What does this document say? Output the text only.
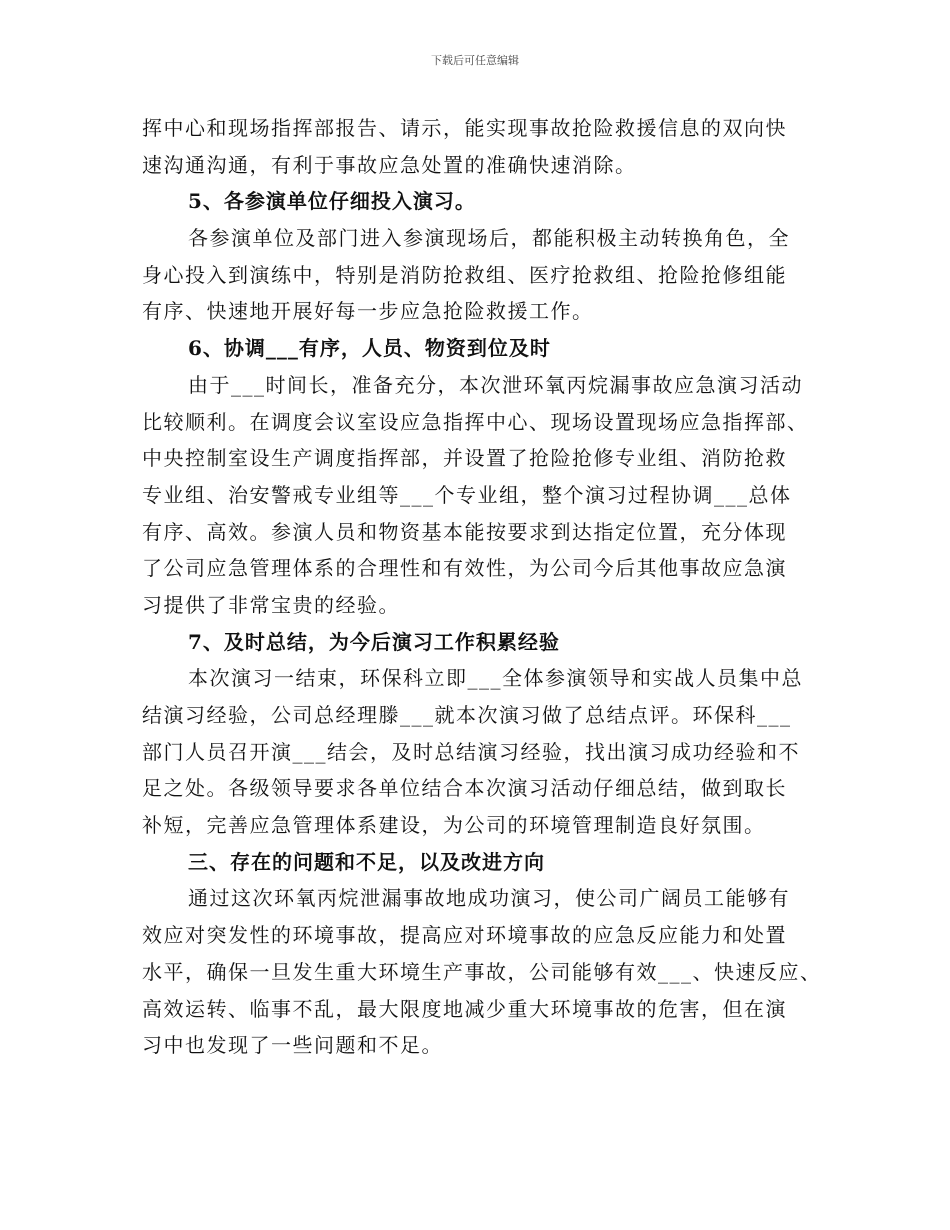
下载后可任意编辑
挥中心和现场指挥部报告、请示，能实现事故抢险救援信息的双向快
速沟通沟通，有利于事故应急处置的准确快速消除。
5、各参演单位仔细投入演习。
各参演单位及部门进入参演现场后，都能积极主动转换角色，全
身心投入到演练中，特别是消防抢救组、医疗抢救组、抢险抢修组能
有序、快速地开展好每一步应急抢险救援工作。
6、协调___有序，人员、物资到位及时
由于___时间长，准备充分，本次泄环氧丙烷漏事故应急演习活动
比较顺利。在调度会议室设应急指挥中心、现场设置现场应急指挥部、
中央控制室设生产调度指挥部，并设置了抢险抢修专业组、消防抢救
专业组、治安警戒专业组等___个专业组，整个演习过程协调___总体
有序、高效。参演人员和物资基本能按要求到达指定位置，充分体现
了公司应急管理体系的合理性和有效性，为公司今后其他事故应急演
习提供了非常宝贵的经验。
7、及时总结，为今后演习工作积累经验
本次演习一结束，环保科立即___全体参演领导和实战人员集中总
结演习经验，公司总经理滕___就本次演习做了总结点评。环保科___
部门人员召开演___结会，及时总结演习经验，找出演习成功经验和不
足之处。各级领导要求各单位结合本次演习活动仔细总结，做到取长
补短，完善应急管理体系建设，为公司的环境管理制造良好氛围。
三、存在的问题和不足，以及改进方向
通过这次环氧丙烷泄漏事故地成功演习，使公司广阔员工能够有
效应对突发性的环境事故，提高应对环境事故的应急反应能力和处置
水平，确保一旦发生重大环境生产事故，公司能够有效___、快速反应、
高效运转、临事不乱，最大限度地减少重大环境事故的危害，但在演
习中也发现了一些问题和不足。
